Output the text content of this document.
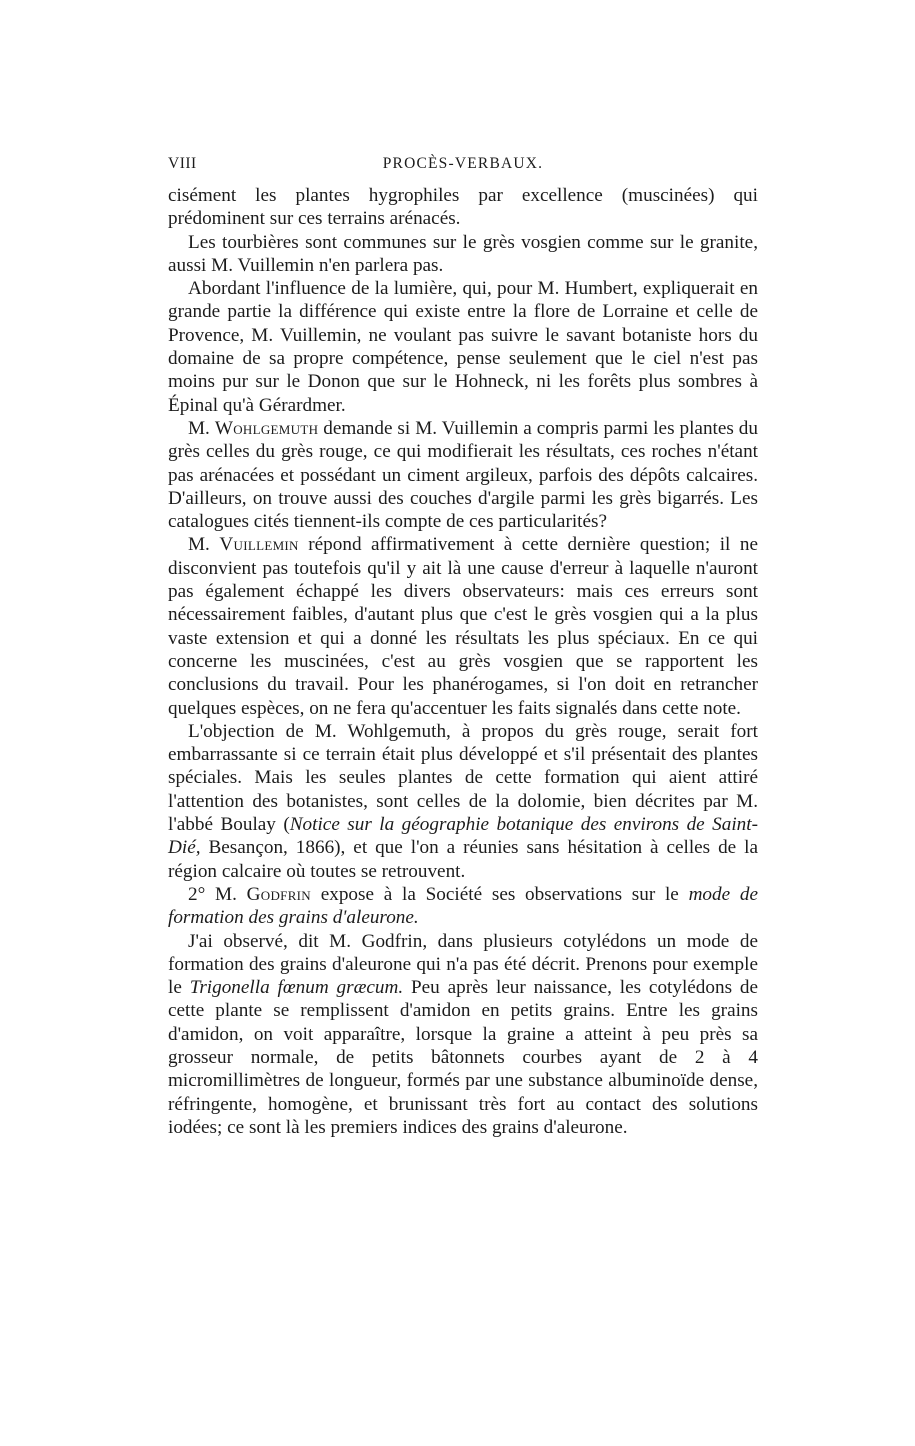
VIII	PROCÈS-VERBAUX.

cisément les plantes hygrophiles par excellence (muscinées) qui prédominent sur ces terrains arénacés.

Les tourbières sont communes sur le grès vosgien comme sur le granite, aussi M. Vuillemin n'en parlera pas.

Abordant l'influence de la lumière, qui, pour M. Humbert, expliquerait en grande partie la différence qui existe entre la flore de Lorraine et celle de Provence, M. Vuillemin, ne voulant pas suivre le savant botaniste hors du domaine de sa propre compétence, pense seulement que le ciel n'est pas moins pur sur le Donon que sur le Hohneck, ni les forêts plus sombres à Épinal qu'à Gérardmer.

M. Wohlgemuth demande si M. Vuillemin a compris parmi les plantes du grès celles du grès rouge, ce qui modifierait les résultats, ces roches n'étant pas arénacées et possédant un ciment argileux, parfois des dépôts calcaires. D'ailleurs, on trouve aussi des couches d'argile parmi les grès bigarrés. Les catalogues cités tiennent-ils compte de ces particularités?

M. Vuillemin répond affirmativement à cette dernière question; il ne disconvient pas toutefois qu'il y ait là une cause d'erreur à laquelle n'auront pas également échappé les divers observateurs: mais ces erreurs sont nécessairement faibles, d'autant plus que c'est le grès vosgien qui a la plus vaste extension et qui a donné les résultats les plus spéciaux. En ce qui concerne les muscinées, c'est au grès vosgien que se rapportent les conclusions du travail. Pour les phanérogames, si l'on doit en retrancher quelques espèces, on ne fera qu'accentuer les faits signalés dans cette note.

L'objection de M. Wohlgemuth, à propos du grès rouge, serait fort embarrassante si ce terrain était plus développé et s'il présentait des plantes spéciales. Mais les seules plantes de cette formation qui aient attiré l'attention des botanistes, sont celles de la dolomie, bien décrites par M. l'abbé Boulay (Notice sur la géographie botanique des environs de Saint-Dié, Besançon, 1866), et que l'on a réunies sans hésitation à celles de la région calcaire où toutes se retrouvent.

2° M. Godfrin expose à la Société ses observations sur le mode de formation des grains d'aleurone.

J'ai observé, dit M. Godfrin, dans plusieurs cotylédons un mode de formation des grains d'aleurone qui n'a pas été décrit. Prenons pour exemple le Trigonella fœnum græcum. Peu après leur naissance, les cotylédons de cette plante se remplissent d'amidon en petits grains. Entre les grains d'amidon, on voit apparaître, lorsque la graine a atteint à peu près sa grosseur normale, de petits bâtonnets courbes ayant de 2 à 4 micromillimètres de longueur, formés par une substance albuminoïde dense, réfringente, homogène, et brunissant très fort au contact des solutions iodées; ce sont là les premiers indices des grains d'aleurone.
